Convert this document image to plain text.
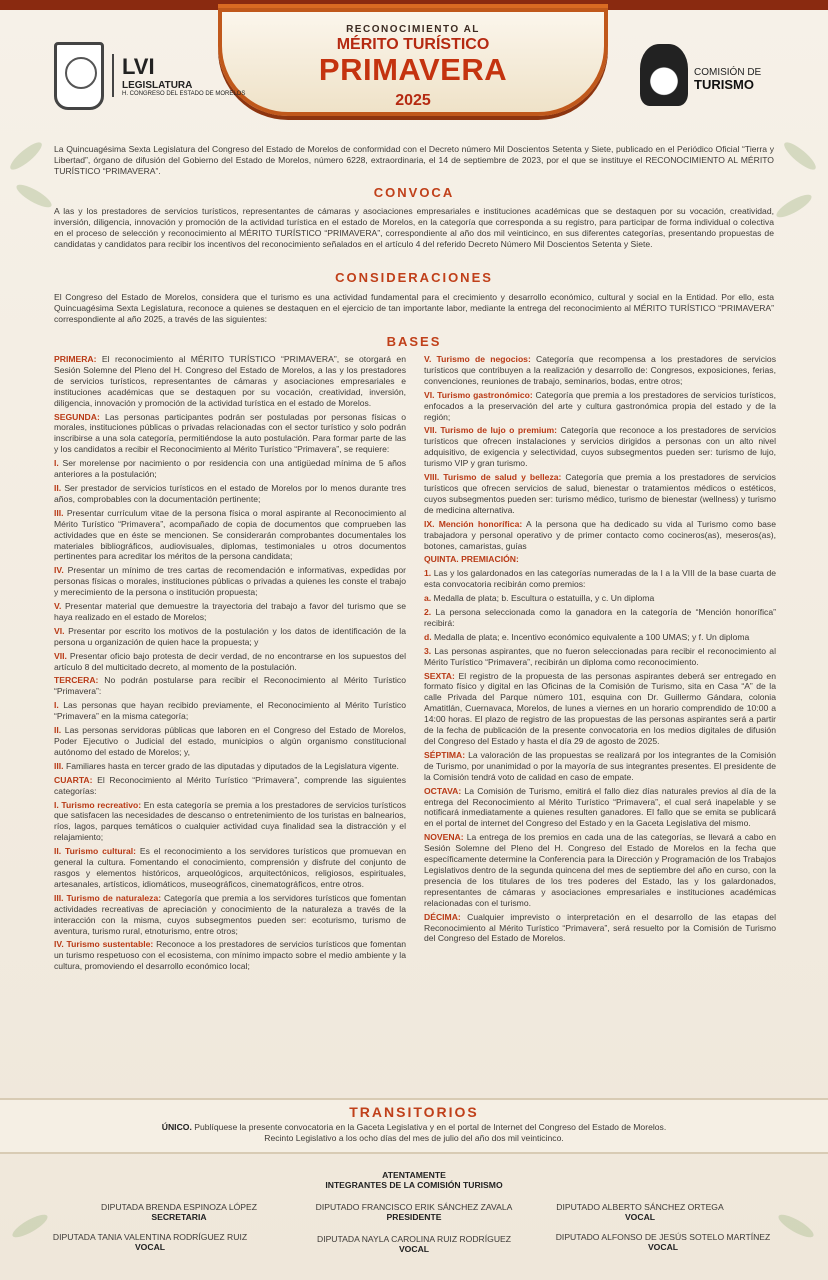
RECONOCIMIENTO AL
MÉRITO TURÍSTICO
PRIMAVERA
2025
LVI
LEGISLATURA
H. CONGRESO DEL ESTADO DE MORELOS
COMISIÓN DE
TURISMO
La Quincuagésima Sexta Legislatura del Congreso del Estado de Morelos de conformidad con el Decreto número Mil Doscientos Setenta y Siete, publicado en el Periódico Oficial “Tierra y Libertad”, órgano de difusión del Gobierno del Estado de Morelos, número 6228, extraordinaria, el 14 de septiembre de 2023, por el que se instituye el RECONOCIMIENTO AL MÉRITO TURÍSTICO “PRIMAVERA”.
CONVOCA
A las y los prestadores de servicios turísticos, representantes de cámaras y asociaciones empresariales e instituciones académicas que se destaquen por su vocación, creatividad, inversión, diligencia, innovación y promoción de la actividad turística en el estado de Morelos, en la categoría que corresponda a su registro, para participar de forma individual o colectiva en el proceso de selección y reconocimiento al MÉRITO TURÍSTICO “PRIMAVERA”, correspondiente al año dos mil veinticinco, en sus diferentes categorías, presentando propuestas de candidatas y candidatos para recibir los incentivos del reconocimiento señalados en el artículo 4 del referido Decreto Número Mil Doscientos Setenta y Siete.
CONSIDERACIONES
El Congreso del Estado de Morelos, considera que el turismo es una actividad fundamental para el crecimiento y desarrollo económico, cultural y social en la Entidad. Por ello, esta Quincuagésima Sexta Legislatura, reconoce a quienes se destaquen en el ejercicio de tan importante labor, mediante la entrega del reconocimiento al MÉRITO TURÍSTICO “PRIMAVERA” correspondiente al año 2025, a través de las siguientes:
BASES

PRIMERA: El reconocimiento al MÉRITO TURÍSTICO “PRIMAVERA”, se otorgará en Sesión Solemne del Pleno del H. Congreso del Estado de Morelos, a las y los prestadores de servicios turísticos, representantes de cámaras y asociaciones empresariales e instituciones académicas que se destaquen por su vocación, creatividad, inversión, diligencia, innovación y promoción de la actividad turística en el estado de Morelos.

SEGUNDA: Las personas participantes podrán ser postuladas por personas físicas o morales, instituciones públicas o privadas relacionadas con el sector turístico y solo podrán inscribirse a una sola categoría, permitiéndose la auto postulación. Para formar parte de las y los candidatos a recibir el Reconocimiento al Mérito Turístico “Primavera”, se requiere:

I. Ser morelense por nacimiento o por residencia con una antigüedad mínima de 5 años anteriores a la postulación;

II. Ser prestador de servicios turísticos en el estado de Morelos por lo menos durante tres años, comprobables con la documentación pertinente;

III. Presentar currículum vitae de la persona física o moral aspirante al Reconocimiento al Mérito Turístico “Primavera”, acompañado de copia de documentos que comprueben las actividades que en éste se mencionen. Se considerarán comprobantes documentales los materiales bibliográficos, audiovisuales, diplomas, testimoniales u otros documentos pertinentes para acreditar los méritos de la persona candidata;

IV. Presentar un mínimo de tres cartas de recomendación e informativas, expedidas por personas físicas o morales, instituciones públicas o privadas a quienes les conste el trabajo y merecimiento de la persona o institución propuesta;

V. Presentar material que demuestre la trayectoria del trabajo a favor del turismo que se haya realizado en el estado de Morelos;

VI. Presentar por escrito los motivos de la postulación y los datos de identificación de la persona u organización de quien hace la propuesta; y

VII. Presentar oficio bajo protesta de decir verdad, de no encontrarse en los supuestos del artículo 8 del multicitado decreto, al momento de la postulación.

TERCERA: No podrán postularse para recibir el Reconocimiento al Mérito Turístico “Primavera”:

I. Las personas que hayan recibido previamente, el Reconocimiento al Mérito Turístico “Primavera” en la misma categoría;

II. Las personas servidoras públicas que laboren en el Congreso del Estado de Morelos, Poder Ejecutivo o Judicial del estado, municipios o algún organismo constitucional autónomo del estado de Morelos; y,

III. Familiares hasta en tercer grado de las diputadas y diputados de la Legislatura vigente.

CUARTA: El Reconocimiento al Mérito Turístico “Primavera”, comprende las siguientes categorías:

I. Turismo recreativo: En esta categoría se premia a los prestadores de servicios turísticos que satisfacen las necesidades de descanso o entretenimiento de los turistas en balnearios, ríos, lagos, parques temáticos o cualquier actividad cuya finalidad sea la distracción y el relajamiento;

II. Turismo cultural: Es el reconocimiento a los servidores turísticos que promuevan en general la cultura. Fomentando el conocimiento, comprensión y disfrute del conjunto de rasgos y elementos históricos, arqueológicos, arquitectónicos, religiosos, espirituales, artesanales, artísticos, idiomáticos, museográficos, cinematográficos, entre otros.

III. Turismo de naturaleza: Categoría que premia a los servidores turísticos que fomentan actividades recreativas de apreciación y conocimiento de la naturaleza a través de la interacción con la misma, cuyos subsegmentos pueden ser: ecoturismo, turismo de aventura, turismo rural, etnoturismo, entre otros;

IV. Turismo sustentable: Reconoce a los prestadores de servicios turísticos que fomentan un turismo respetuoso con el ecosistema, con mínimo impacto sobre el medio ambiente y la cultura, promoviendo el desarrollo económico local;

V. Turismo de negocios: Categoría que recompensa a los prestadores de servicios turísticos que contribuyen a la realización y desarrollo de: Congresos, exposiciones, ferias, convenciones, reuniones de trabajo, seminarios, bodas, entre otros;

VI. Turismo gastronómico: Categoría que premia a los prestadores de servicios turísticos, enfocados a la preservación del arte y cultura gastronómica propia del estado y de la región;

VII. Turismo de lujo o premium: Categoría que reconoce a los prestadores de servicios turísticos que ofrecen instalaciones y servicios dirigidos a personas con un alto nivel adquisitivo, de exigencia y selectividad, cuyos subsegmentos pueden ser: turismo de lujo, turismo VIP y gran turismo.

VIII. Turismo de salud y belleza: Categoría que premia a los prestadores de servicios turísticos que ofrecen servicios de salud, bienestar o tratamientos médicos o estéticos, cuyos subsegmentos pueden ser: turismo médico, turismo de bienestar (wellness) y turismo de medicina alternativa.

IX. Mención honorífica: A la persona que ha dedicado su vida al Turismo como base trabajadora y personal operativo y de primer contacto como cocineros(as), meseros(as), botones, camaristas, guías

QUINTA. PREMIACIÓN:

1. Las y los galardonados en las categorías numeradas de la I a la VIII de la base cuarta de esta convocatoria recibirán como premios:

a. Medalla de plata; b. Escultura o estatuilla, y c. Un diploma

2. La persona seleccionada como la ganadora en la categoría de “Mención honorífica” recibirá:

d. Medalla de plata; e. Incentivo económico equivalente a 100 UMAS; y f. Un diploma

3. Las personas aspirantes, que no fueron seleccionadas para recibir el reconocimiento al Mérito Turístico “Primavera”, recibirán un diploma como reconocimiento.

SEXTA: El registro de la propuesta de las personas aspirantes deberá ser entregado en formato físico y digital en las Oficinas de la Comisión de Turismo, sita en Casa “A” de la calle Privada del Parque número 101, esquina con Dr. Guillermo Gándara, colonia Amatitlán, Cuernavaca, Morelos, de lunes a viernes en un horario comprendido de 10:00 a 14:00 horas. El plazo de registro de las propuestas de las personas aspirantes será a partir de la fecha de publicación de la presente convocatoria en los medios digitales de difusión del Congreso del Estado y hasta el día 29 de agosto de 2025.

SÉPTIMA: La valoración de las propuestas se realizará por los integrantes de la Comisión de Turismo, por unanimidad o por la mayoría de sus integrantes presentes. El presidente de la Comisión tendrá voto de calidad en caso de empate.

OCTAVA: La Comisión de Turismo, emitirá el fallo diez días naturales previos al día de la entrega del Reconocimiento al Mérito Turístico “Primavera”, el cual será inapelable y se notificará inmediatamente a quienes resulten ganadores. El fallo que se emita se publicará en el portal de internet del Congreso del Estado y en la Gaceta Legislativa del mismo.

NOVENA: La entrega de los premios en cada una de las categorías, se llevará a cabo en Sesión Solemne del Pleno del H. Congreso del Estado de Morelos en la fecha que específicamente determine la Conferencia para la Dirección y Programación de los Trabajos Legislativos dentro de la segunda quincena del mes de septiembre del año en curso, con la presencia de los titulares de los tres poderes del Estado, las y los galardonados, representantes de cámaras y asociaciones empresariales e instituciones académicas relacionadas con el turismo.

DÉCIMA: Cualquier imprevisto o interpretación en el desarrollo de las etapas del Reconocimiento al Mérito Turístico “Primavera”, será resuelto por la Comisión de Turismo del Congreso del Estado de Morelos.

TRANSITORIOS
ÚNICO. Publíquese la presente convocatoria en la Gaceta Legislativa y en el portal de Internet del Congreso del Estado de Morelos.
Recinto Legislativo a los ocho días del mes de julio del año dos mil veinticinco.
ATENTAMENTE
INTEGRANTES DE LA COMISIÓN TURISMO
DIPUTADA BRENDA ESPINOZA LÓPEZ
SECRETARIA
DIPUTADO FRANCISCO ERIK SÁNCHEZ ZAVALA
PRESIDENTE
DIPUTADO ALBERTO SÁNCHEZ ORTEGA
VOCAL
DIPUTADA TANIA VALENTINA RODRÍGUEZ RUIZ
VOCAL
DIPUTADA NAYLA CAROLINA RUIZ RODRÍGUEZ
VOCAL
DIPUTADO ALFONSO DE JESÚS SOTELO MARTÍNEZ
VOCAL
